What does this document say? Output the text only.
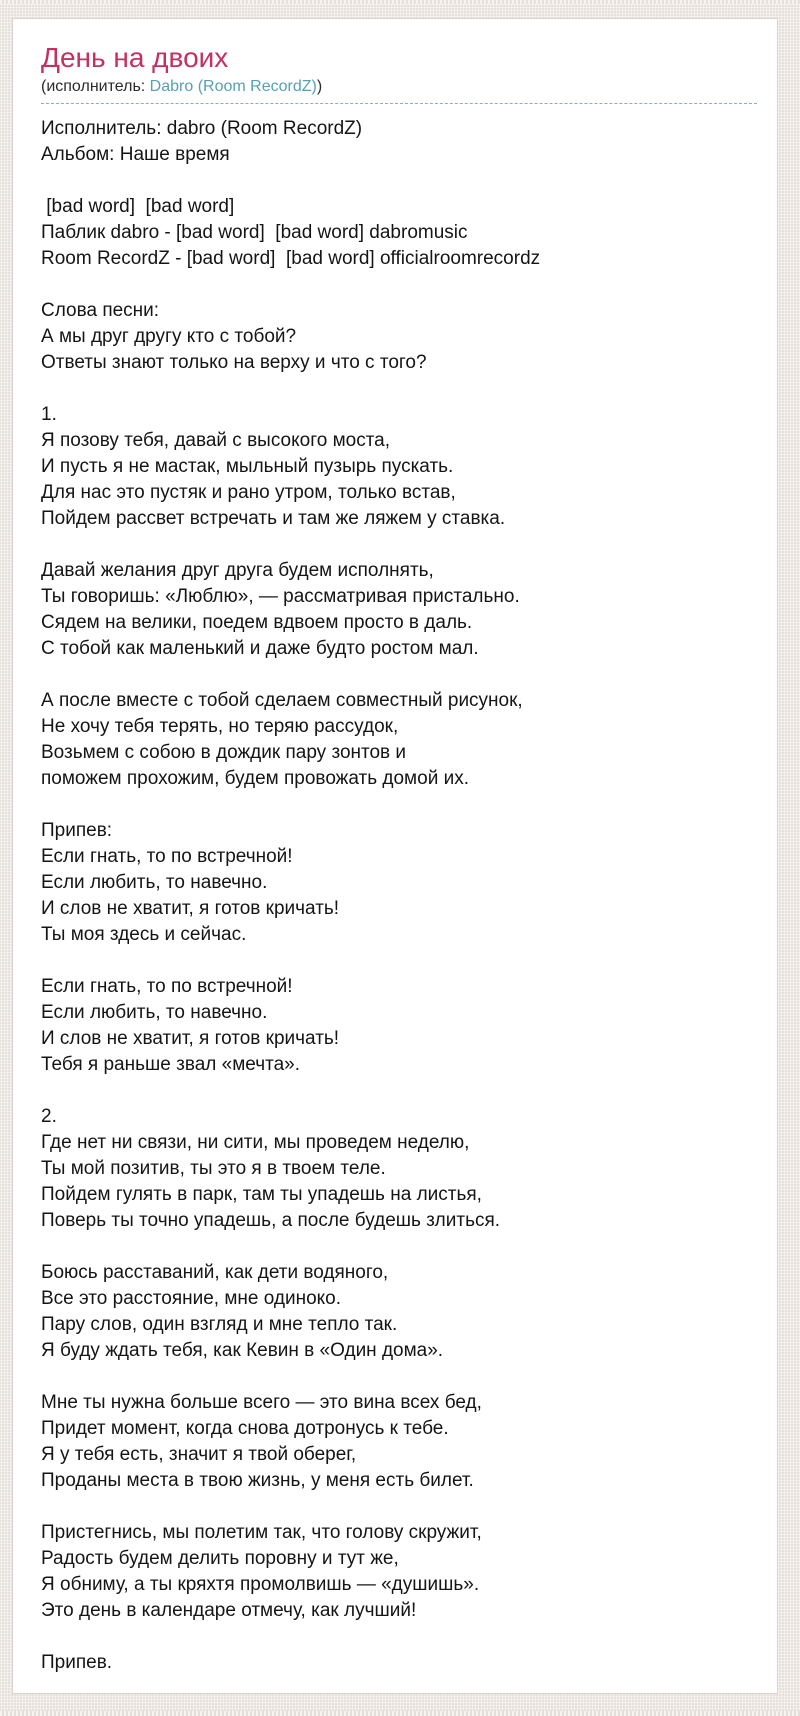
День на двоих
(исполнитель: Dabro (Room RecordZ))
Исполнитель: dabro (Room RecordZ)
Альбом: Наше время
[bad word]  [bad word]
Паблик dabro - [bad word]  [bad word] dabromusic
Room RecordZ - [bad word]  [bad word] officialroomrecordz
Слова песни:
А мы друг другу кто с тобой?
Ответы знают только на верху и что с того?
1.
Я позову тебя, давай с высокого моста,
И пусть я не мастак, мыльный пузырь пускать.
Для нас это пустяк и рано утром, только встав,
Пойдем рассвет встречать и там же ляжем у ставка.
Давай желания друг друга будем исполнять,
Ты говоришь: «Люблю», — рассматривая пристально.
Сядем на велики, поедем вдвоем просто в даль.
С тобой как маленький и даже будто ростом мал.
А после вместе с тобой сделаем совместный рисунок,
Не хочу тебя терять, но теряю рассудок,
Возьмем с собою в дождик пару зонтов и
поможем прохожим, будем провожать домой их.
Припев:
Если гнать, то по встречной!
Если любить, то навечно.
И слов не хватит, я готов кричать!
Ты моя здесь и сейчас.
Если гнать, то по встречной!
Если любить, то навечно.
И слов не хватит, я готов кричать!
Тебя я раньше звал «мечта».
2.
Где нет ни связи, ни сити, мы проведем неделю,
Ты мой позитив, ты это я в твоем теле.
Пойдем гулять в парк, там ты упадешь на листья,
Поверь ты точно упадешь, а после будешь злиться.
Боюсь расставаний, как дети водяного,
Все это расстояние, мне одиноко.
Пару слов, один взгляд и мне тепло так.
Я буду ждать тебя, как Кевин в «Один дома».
Мне ты нужна больше всего — это вина всех бед,
Придет момент, когда снова дотронусь к тебе.
Я у тебя есть, значит я твой оберег,
Проданы места в твою жизнь, у меня есть билет.
Пристегнись, мы полетим так, что голову скружит,
Радость будем делить поровну и тут же,
Я обниму, а ты кряхтя промолвишь — «душишь».
Это день в календаре отмечу, как лучший!
Припев.
